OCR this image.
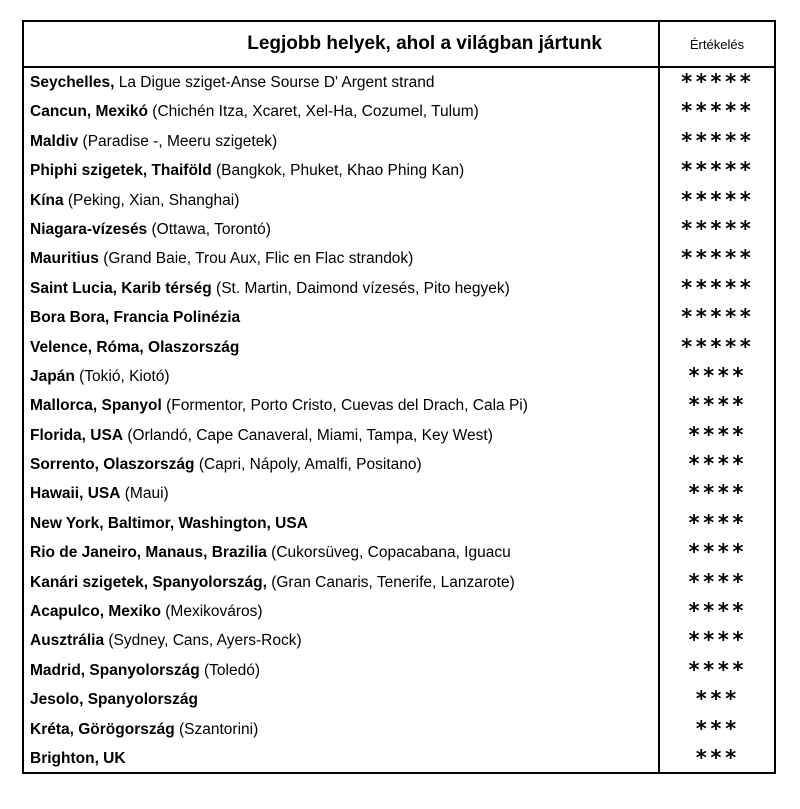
Legjobb helyek, ahol a világban jártunk	Értékelés
Seychelles, La Digue sziget-Anse Sourse D' Argent strand	*****
Cancun, Mexikó (Chichén Itza, Xcaret, Xel-Ha, Cozumel, Tulum)	*****
Maldiv (Paradise -, Meeru szigetek)	*****
Phiphi szigetek, Thaiföld (Bangkok, Phuket, Khao Phing Kan)	*****
Kína (Peking, Xian, Shanghai)	*****
Niagara-vízesés (Ottawa, Torontó)	*****
Mauritius (Grand Baie, Trou Aux, Flic en Flac strandok)	*****
Saint Lucia, Karib térség (St. Martin, Daimond vízesés, Pito hegyek)	*****
Bora Bora, Francia Polinézia	*****
Velence, Róma, Olaszország	*****
Japán (Tokió, Kiotó)	****
Mallorca, Spanyol (Formentor, Porto Cristo, Cuevas del Drach, Cala Pi)	****
Florida, USA (Orlandó, Cape Canaveral, Miami, Tampa, Key West)	****
Sorrento, Olaszország (Capri, Nápoly, Amalfi, Positano)	****
Hawaii, USA (Maui)	****
New York, Baltimor, Washington, USA	****
Rio de Janeiro, Manaus, Brazilia (Cukorsüveg, Copacabana, Iguacu	****
Kanári szigetek, Spanyolország, (Gran Canaris, Tenerife, Lanzarote)	****
Acapulco, Mexiko (Mexikováros)	****
Ausztrália (Sydney, Cans, Ayers-Rock)	****
Madrid, Spanyolország (Toledó)	****
Jesolo, Spanyolország	***
Kréta, Görögország (Szantorini)	***
Brighton, UK	***
